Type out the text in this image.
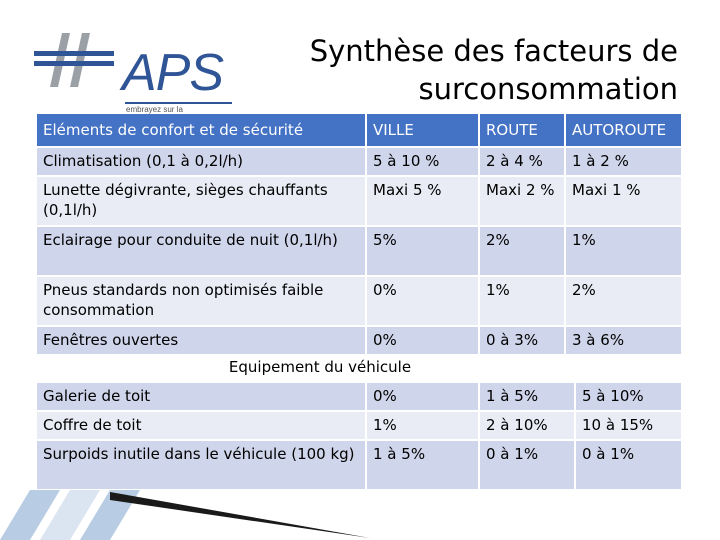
APS
embrayez sur la
Synthèse des facteurs de surconsommation
Eléments de confort et de sécurité	VILLE	ROUTE	AUTOROUTE
Climatisation (0,1 à 0,2l/h)	5 à 10 %	2 à 4 %	1 à 2 %
Lunette dégivrante, sièges chauffants (0,1l/h)	Maxi 5 %	Maxi 2 %	Maxi 1 %
Eclairage pour conduite de nuit (0,1l/h)	5%	2%	1%
Pneus standards non optimisés faible consommation	0%	1%	2%
Fenêtres ouvertes	0%	0 à 3%	3 à 6%
Equipement du véhicule
Galerie de toit	0%	1 à 5%	5 à 10%
Coffre de toit	1%	2 à 10%	10 à 15%
Surpoids inutile dans le véhicule (100 kg)	1 à 5%	0 à 1%	0 à 1%
